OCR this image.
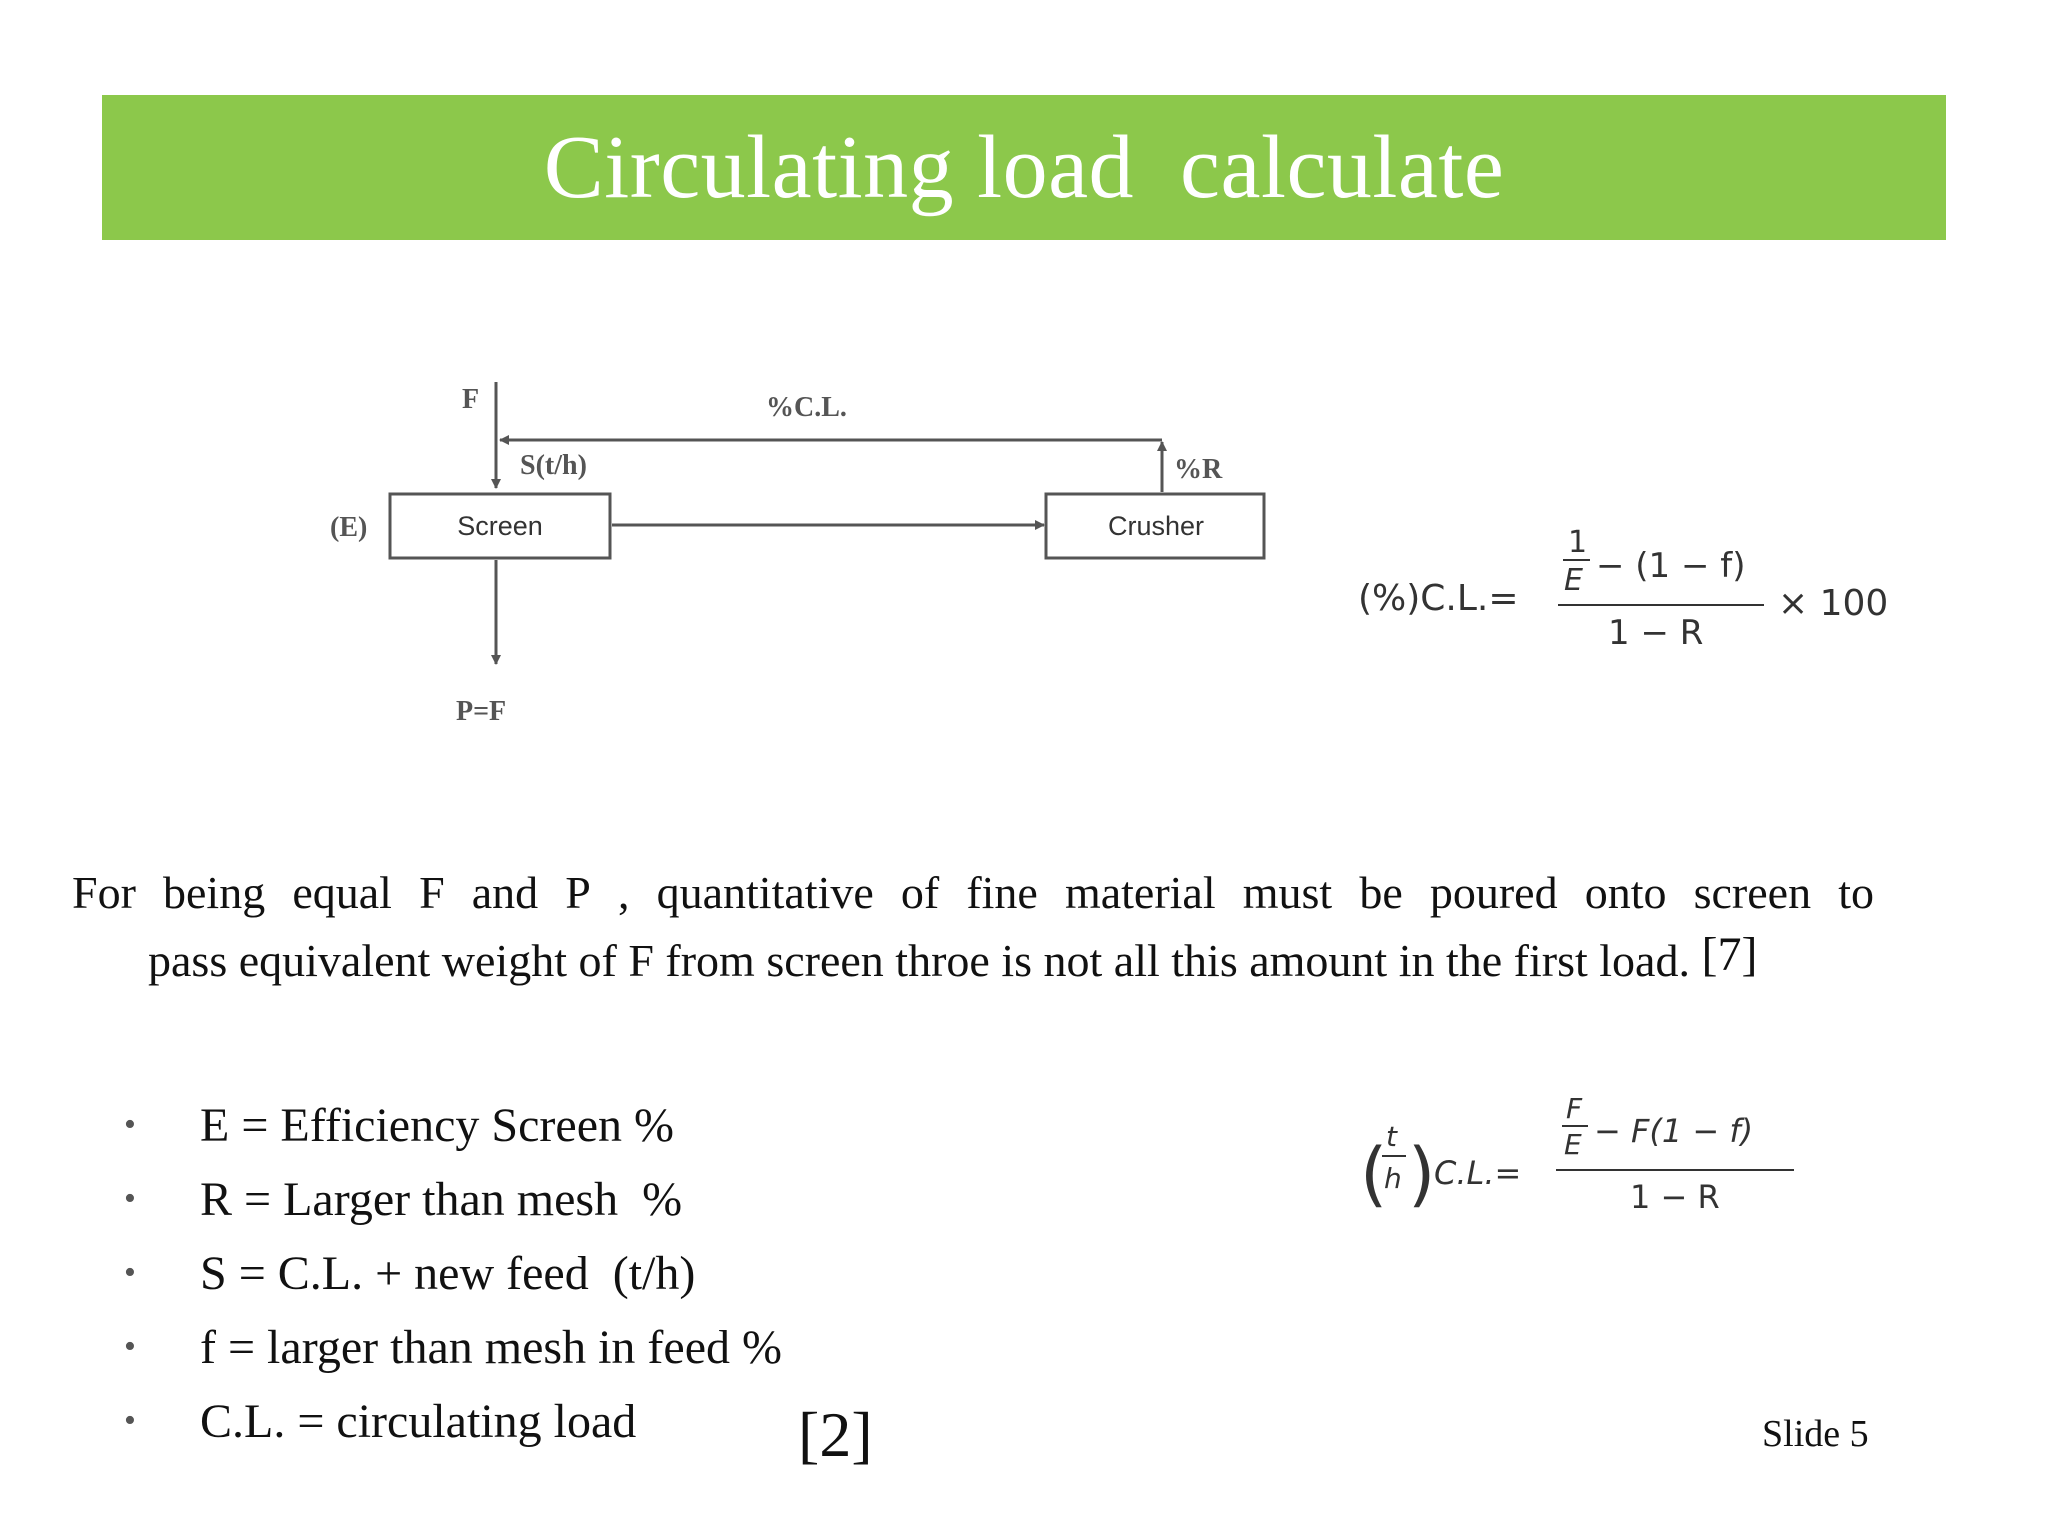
Circulating load  calculate
F	%C.L.
S(t/h)	%R
(E)	Screen	Crusher
P=F
(%)C.L.=
1
E − (1 − f)
1 − R
× 100
(
t
h )
C.L.=
F
E − F(1 − f)
1 − R
For being equal F and P , quantitative of fine material must be poured onto screen to
pass equivalent weight of F from screen throe is not all this amount in the first load. [7]
•	E = Efficiency Screen %
•	R = Larger than mesh  %
•	S = C.L. + new feed  (t/h)
•	f = larger than mesh in feed %
•	C.L. = circulating load	[2]	Slide 5
